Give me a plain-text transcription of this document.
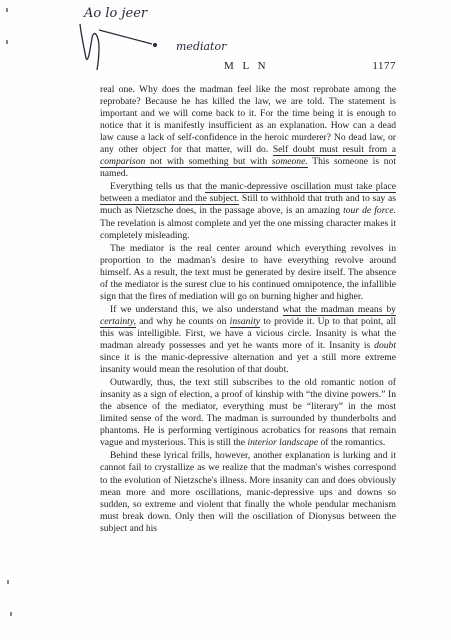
Ao lo jeer
mediator
M L N	1177

real one. Why does the madman feel like the most reprobate among the reprobate? Because he has killed the law, we are told. The statement is important and we will come back to it. For the time being it is enough to notice that it is manifestly insufficient as an explanation. How can a dead law cause a lack of self-confidence in the heroic murderer? No dead law, or any other object for that matter, will do. Self doubt must result from a comparison not with something but with someone. This someone is not named.

Everything tells us that the manic-depressive oscillation must take place between a mediator and the subject. Still to withhold that truth and to say as much as Nietzsche does, in the passage above, is an amazing tour de force. The revelation is almost complete and yet the one missing character makes it completely misleading.

The mediator is the real center around which everything revolves in proportion to the madman's desire to have everything revolve around himself. As a result, the text must be generated by desire itself. The absence of the mediator is the surest clue to his continued omnipotence, the infallible sign that the fires of mediation will go on burning higher and higher.

If we understand this, we also understand what the madman means by certainty, and why he counts on insanity to provide it. Up to that point, all this was intelligible. First, we have a vicious circle. Insanity is what the madman already possesses and yet he wants more of it. Insanity is doubt since it is the manic-depressive alternation and yet a still more extreme insanity would mean the resolution of that doubt.

Outwardly, thus, the text still subscribes to the old romantic notion of insanity as a sign of election, a proof of kinship with “the divine powers.” In the absence of the mediator, everything must be “literary” in the most limited sense of the word. The madman is surrounded by thunderbolts and phantoms. He is performing vertiginous acrobatics for reasons that remain vague and mysterious. This is still the interior landscape of the romantics.

Behind these lyrical frills, however, another explanation is lurking and it cannot fail to crystallize as we realize that the madman's wishes correspond to the evolution of Nietzsche's illness. More insanity can and does obviously mean more and more oscillations, manic-depressive ups and downs so sudden, so extreme and violent that finally the whole pendular mechanism must break down. Only then will the oscillation of Dionysus between the subject and his
